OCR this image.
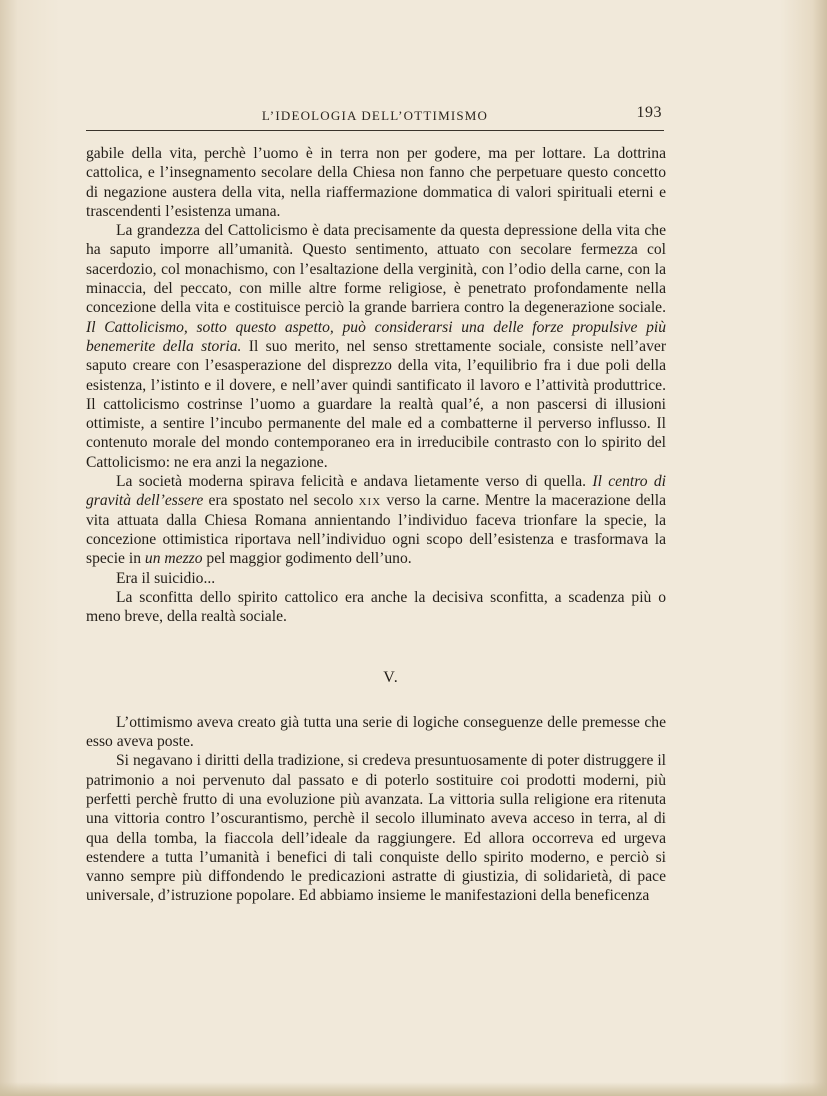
L’IDEOLOGIA DELL’OTTIMISMO	193

gabile della vita, perchè l’uomo è in terra non per godere, ma per lottare. La dottrina cattolica, e l’insegnamento secolare della Chiesa non fanno che perpetuare questo concetto di negazione austera della vita, nella riaffermazione dommatica di valori spirituali eterni e trascendenti l’esistenza umana.

La grandezza del Cattolicismo è data precisamente da questa depressione della vita che ha saputo imporre all’umanità. Questo sentimento, attuato con secolare fermezza col sacerdozio, col monachismo, con l’esaltazione della verginità, con l’odio della carne, con la minaccia, del peccato, con mille altre forme religiose, è penetrato profondamente nella concezione della vita e costituisce perciò la grande barriera contro la degenerazione sociale. Il Cattolicismo, sotto questo aspetto, può considerarsi una delle forze propulsive più benemerite della storia. Il suo merito, nel senso strettamente sociale, consiste nell’aver saputo creare con l’esasperazione del disprezzo della vita, l’equilibrio fra i due poli della esistenza, l’istinto e il dovere, e nell’aver quindi santificato il lavoro e l’attività produttrice. Il cattolicismo costrinse l’uomo a guardare la realtà qual’é, a non pascersi di illusioni ottimiste, a sentire l’incubo permanente del male ed a combatterne il perverso influsso. Il contenuto morale del mondo contemporaneo era in irreducibile contrasto con lo spirito del Cattolicismo: ne era anzi la negazione.

La società moderna spirava felicità e andava lietamente verso di quella. Il centro di gravità dell’essere era spostato nel secolo xix verso la carne. Mentre la macerazione della vita attuata dalla Chiesa Romana annientando l’individuo faceva trionfare la specie, la concezione ottimistica riportava nell’individuo ogni scopo dell’esistenza e trasformava la specie in un mezzo pel maggior godimento dell’uno.

Era il suicidio...

La sconfitta dello spirito cattolico era anche la decisiva sconfitta, a scadenza più o meno breve, della realtà sociale.

V.

L’ottimismo aveva creato già tutta una serie di logiche conseguenze delle premesse che esso aveva poste.

Si negavano i diritti della tradizione, si credeva presuntuosamente di poter distruggere il patrimonio a noi pervenuto dal passato e di poterlo sostituire coi prodotti moderni, più perfetti perchè frutto di una evoluzione più avanzata. La vittoria sulla religione era ritenuta una vittoria contro l’oscurantismo, perchè il secolo illuminato aveva acceso in terra, al di qua della tomba, la fiaccola dell’ideale da raggiungere. Ed allora occorreva ed urgeva estendere a tutta l’umanità i benefici di tali conquiste dello spirito moderno, e perciò si vanno sempre più diffondendo le predicazioni astratte di giustizia, di solidarietà, di pace universale, d’istruzione popolare. Ed abbiamo insieme le manifestazioni della beneficenza
